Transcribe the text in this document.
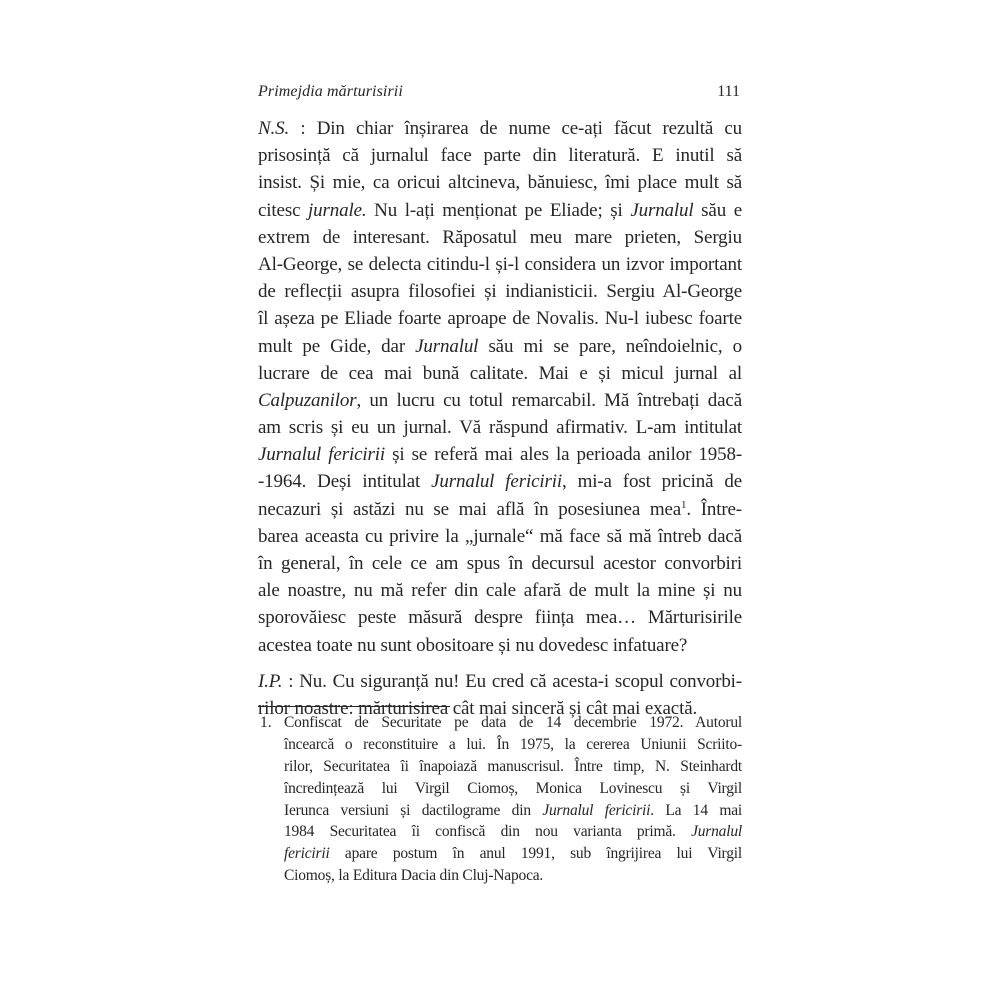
Primejdia mărturisirii	111
N.S. : Din chiar înșirarea de nume ce-ați făcut rezultă cu
prisosință că jurnalul face parte din literatură. E inutil să
insist. Și mie, ca oricui altcineva, bănuiesc, îmi place mult să
citesc jurnale. Nu l-ați menționat pe Eliade; și Jurnalul său e
extrem de interesant. Răposatul meu mare prieten, Sergiu
Al-George, se delecta citindu-l și-l considera un izvor important
de reflecții asupra filosofiei și indianisticii. Sergiu Al-George
îl așeza pe Eliade foarte aproape de Novalis. Nu-l iubesc foarte
mult pe Gide, dar Jurnalul său mi se pare, neîndoielnic, o
lucrare de cea mai bună calitate. Mai e și micul jurnal al
Calpuzanilor, un lucru cu totul remarcabil. Mă întrebați dacă
am scris și eu un jurnal. Vă răspund afirmativ. L-am intitulat
Jurnalul fericirii și se referă mai ales la perioada anilor 1958-
-1964. Deși intitulat Jurnalul fericirii, mi-a fost pricină de
necazuri și astăzi nu se mai află în posesiunea mea$^1$. Între-
barea aceasta cu privire la „jurnale“ mă face să mă întreb dacă
în general, în cele ce am spus în decursul acestor convorbiri
ale noastre, nu mă refer din cale afară de mult la mine și nu
sporovăiesc peste măsură despre ființa mea… Mărturisirile
acestea toate nu sunt obositoare și nu dovedesc infatuare?
I.P. : Nu. Cu siguranță nu! Eu cred că acesta-i scopul convorbi-
rilor noastre: mărturisirea cât mai sinceră și cât mai exactă.
1. Confiscat de Securitate pe data de 14 decembrie 1972. Autorul
încearcă o reconstituire a lui. În 1975, la cererea Uniunii Scriito-
rilor, Securitatea îi înapoiază manuscrisul. Între timp, N. Steinhardt
încredințează lui Virgil Ciomoș, Monica Lovinescu și Virgil
Ierunca versiuni și dactilograme din Jurnalul fericirii. La 14 mai
1984 Securitatea îi confiscă din nou varianta primă. Jurnalul
fericirii apare postum în anul 1991, sub îngrijirea lui Virgil
Ciomoș, la Editura Dacia din Cluj-Napoca.
